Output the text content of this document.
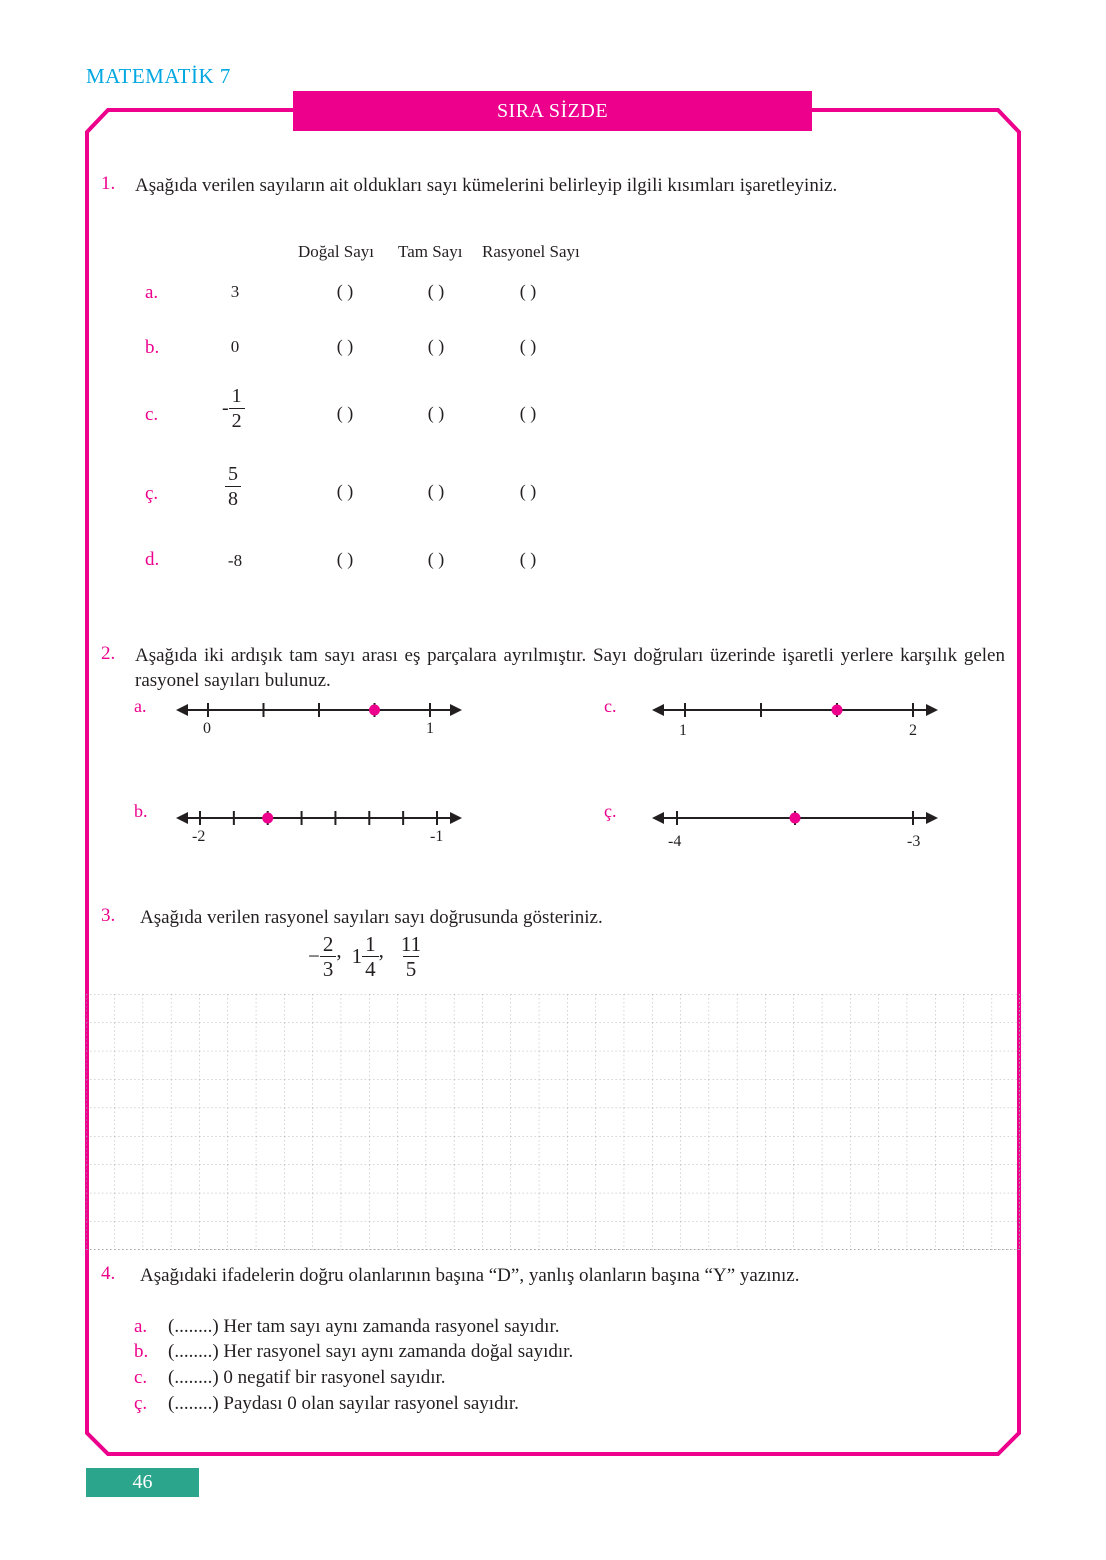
MATEMATİK 7
SIRA SİZDE
1. Aşağıda verilen sayıların ait oldukları sayı kümelerini belirleyip ilgili kısımları işaretleyiniz.
Doğal Sayı Tam Sayı Rasyonel Sayı
a.	3	( )	( )	( )
b.	0	( )	( )	( )
c.	- $\frac{1}{2}$	( )	( )	( )
ç.	$\frac{5}{8}$	( )	( )	( )
d.	-8	( )	( )	( )
2. Aşağıda iki ardışık tam sayı arası eş parçalara ayrılmıştır. Sayı doğruları üzerinde işaretli yerlere karşılık gelen rasyonel sayıları bulunuz.
a.
b.
c.
ç.
0	1
-2	-1
1	2
-4	-3
3. Aşağıda verilen rasyonel sayıları sayı doğrusunda gösteriniz.
− $\frac{2}{3}$ , $1 \frac{1}{4}$ , $\frac{11}{5}$
4. Aşağıdaki ifadelerin doğru olanlarının başına “D”, yanlış olanların başına “Y” yazınız.
a. (........) Her tam sayı aynı zamanda rasyonel sayıdır.
b. (........) Her rasyonel sayı aynı zamanda doğal sayıdır.
c. (........) 0 negatif bir rasyonel sayıdır.
ç. (........) Paydası 0 olan sayılar rasyonel sayıdır.
46
